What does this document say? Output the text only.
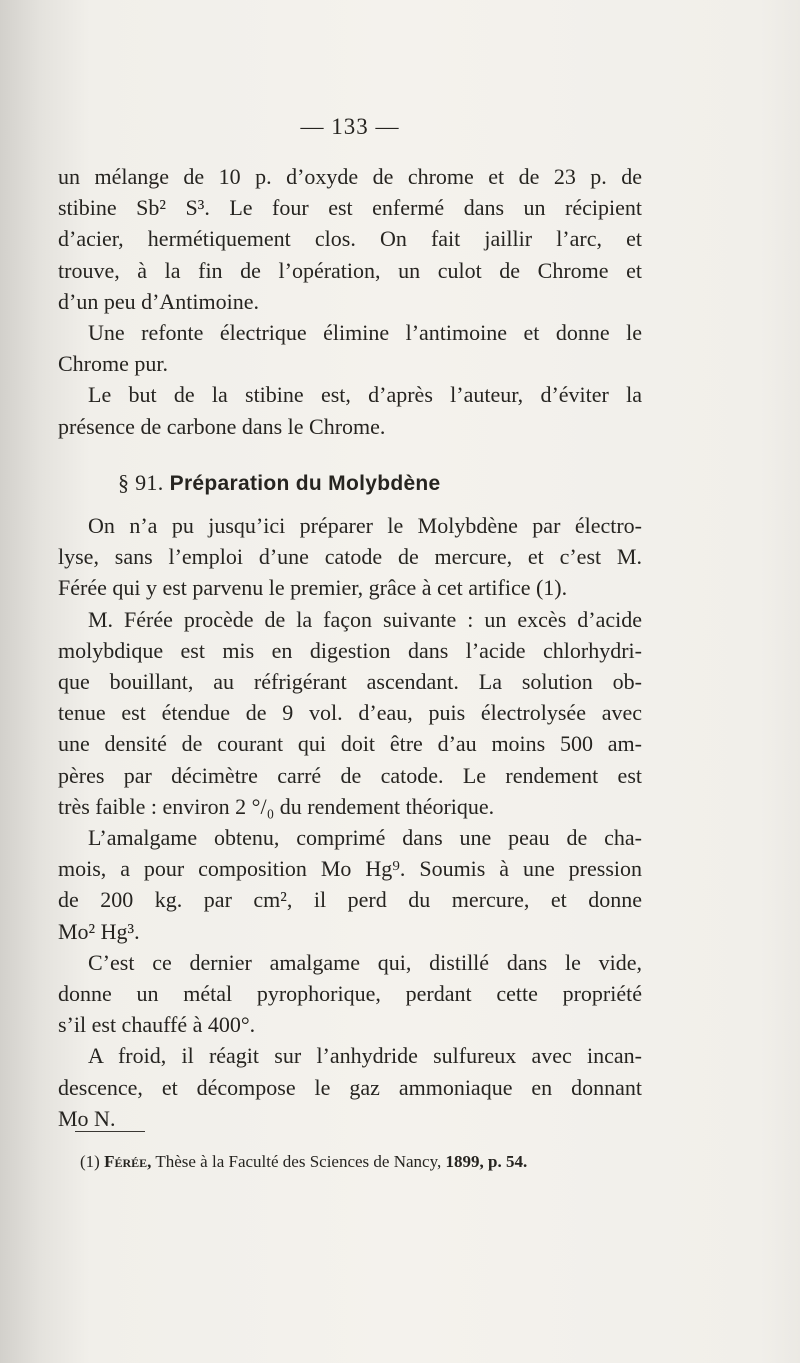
— 133 —

un mélange de 10 p. d’oxyde de chrome et de 23 p. de

stibine Sb² S³. Le four est enfermé dans un récipient

d’acier, hermétiquement clos. On fait jaillir l’arc, et

trouve, à la fin de l’opération, un culot de Chrome et

d’un peu d’Antimoine.

Une refonte électrique élimine l’antimoine et donne le

Chrome pur.

Le but de la stibine est, d’après l’auteur, d’éviter la

présence de carbone dans le Chrome.

§ 91. Préparation du Molybdène

On n’a pu jusqu’ici préparer le Molybdène par électro-

lyse, sans l’emploi d’une catode de mercure, et c’est M.

Férée qui y est parvenu le premier, grâce à cet artifice (1).

M. Férée procède de la façon suivante : un excès d’acide

molybdique est mis en digestion dans l’acide chlorhydri-

que bouillant, au réfrigérant ascendant. La solution ob-

tenue est étendue de 9 vol. d’eau, puis électrolysée avec

une densité de courant qui doit être d’au moins 500 am-

pères par décimètre carré de catode. Le rendement est

très faible : environ 2 °/₀ du rendement théorique.

L’amalgame obtenu, comprimé dans une peau de cha-

mois, a pour composition Mo Hg⁹. Soumis à une pression

de 200 kg. par cm², il perd du mercure, et donne

Mo² Hg³.

C’est ce dernier amalgame qui, distillé dans le vide,

donne un métal pyrophorique, perdant cette propriété

s’il est chauffé à 400°.

A froid, il réagit sur l’anhydride sulfureux avec incan-

descence, et décompose le gaz ammoniaque en donnant

Mo N.

(1) Férée, Thèse à la Faculté des Sciences de Nancy, 1899, p. 54.
